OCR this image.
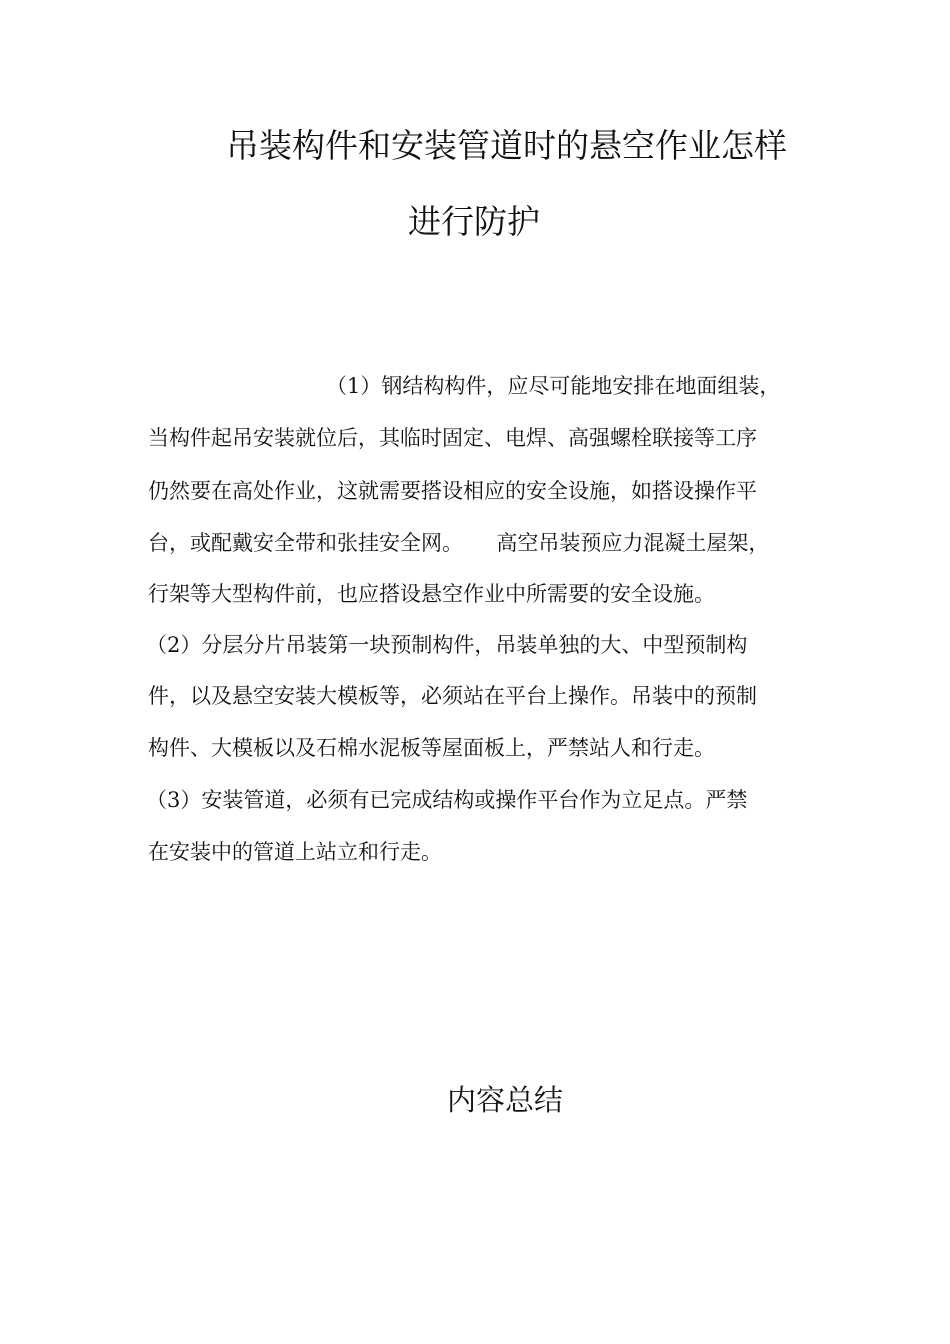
吊装构件和安装管道时的悬空作业怎样
进行防护
（1）钢结构构件，应尽可能地安排在地面组装，
当构件起吊安装就位后，其临时固定、电焊、高强螺栓联接等工序
仍然要在高处作业，这就需要搭设相应的安全设施，如搭设操作平
台，或配戴安全带和张挂安全网。     高空吊装预应力混凝土屋架，
行架等大型构件前，也应搭设悬空作业中所需要的安全设施。
（2）分层分片吊装第一块预制构件，吊装单独的大、中型预制构
件，以及悬空安装大模板等，必须站在平台上操作。吊装中的预制
构件、大模板以及石棉水泥板等屋面板上，严禁站人和行走。
（3）安装管道，必须有已完成结构或操作平台作为立足点。严禁
在安装中的管道上站立和行走。
内容总结
